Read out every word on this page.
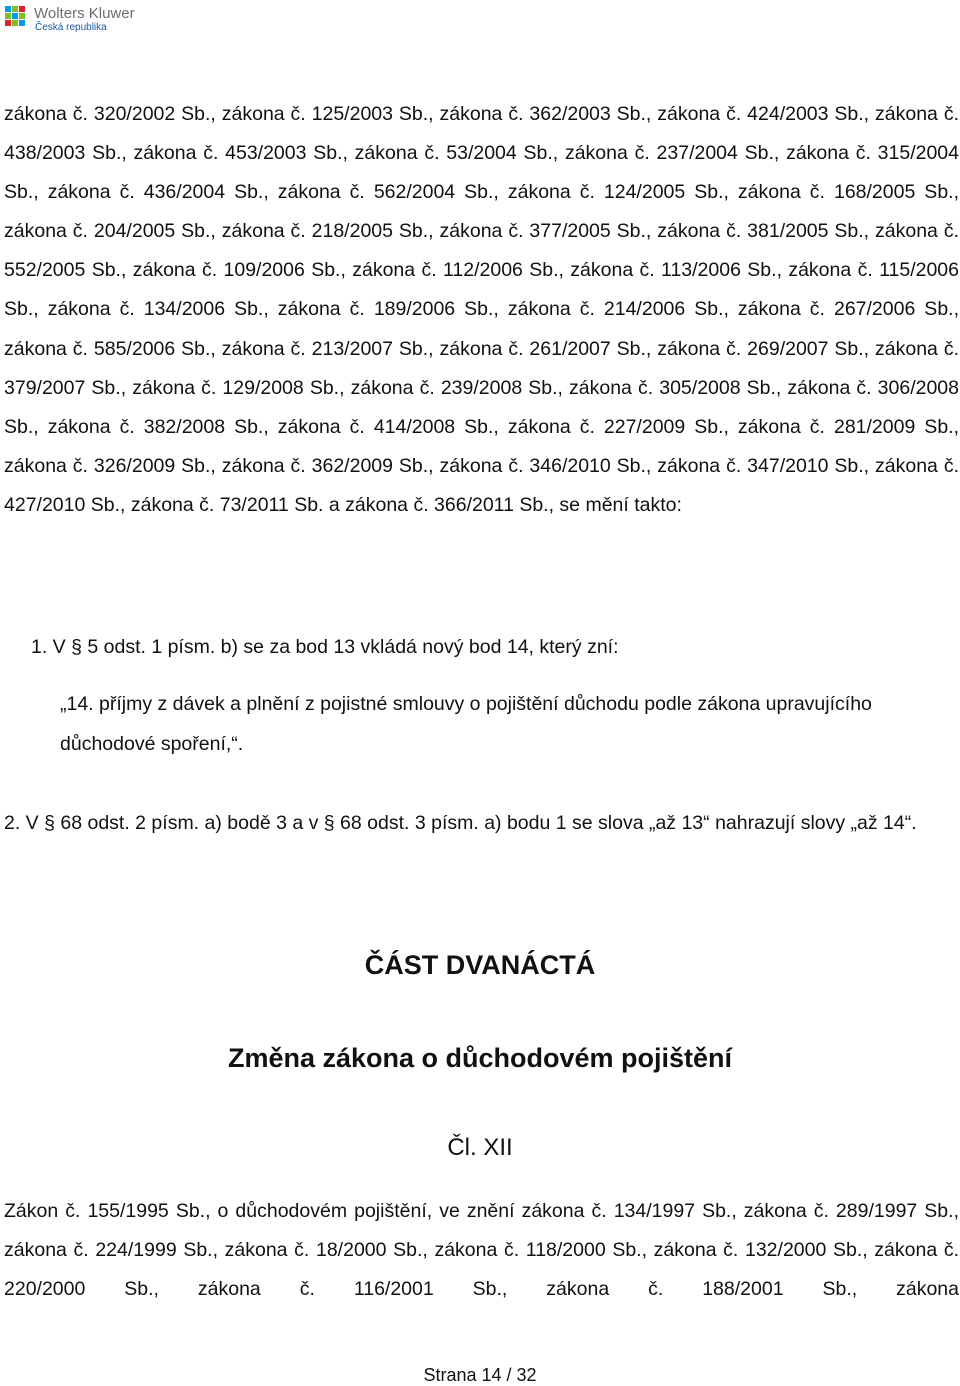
Wolters Kluwer
Česká republika

zákona č. 320/2002 Sb., zákona č. 125/2003 Sb., zákona č. 362/2003 Sb., zákona č. 424/2003 Sb., zákona č. 438/2003 Sb., zákona č. 453/2003 Sb., zákona č. 53/2004 Sb., zákona č. 237/2004 Sb., zákona č. 315/2004 Sb., zákona č. 436/2004 Sb., zákona č. 562/2004 Sb., zákona č. 124/2005 Sb., zákona č. 168/2005 Sb., zákona č. 204/2005 Sb., zákona č. 218/2005 Sb., zákona č. 377/2005 Sb., zákona č. 381/2005 Sb., zákona č. 552/2005 Sb., zákona č. 109/2006 Sb., zákona č. 112/2006 Sb., zákona č. 113/2006 Sb., zákona č. 115/2006 Sb., zákona č. 134/2006 Sb., zákona č. 189/2006 Sb., zákona č. 214/2006 Sb., zákona č. 267/2006 Sb., zákona č. 585/2006 Sb., zákona č. 213/2007 Sb., zákona č. 261/2007 Sb., zákona č. 269/2007 Sb., zákona č. 379/2007 Sb., zákona č. 129/2008 Sb., zákona č. 239/2008 Sb., zákona č. 305/2008 Sb., zákona č. 306/2008 Sb., zákona č. 382/2008 Sb., zákona č. 414/2008 Sb., zákona č. 227/2009 Sb., zákona č. 281/2009 Sb., zákona č. 326/2009 Sb., zákona č. 362/2009 Sb., zákona č. 346/2010 Sb., zákona č. 347/2010 Sb., zákona č. 427/2010 Sb., zákona č. 73/2011 Sb. a zákona č. 366/2011 Sb., se mění takto:

1. V § 5 odst. 1 písm. b) se za bod 13 vkládá nový bod 14, který zní:

„14. příjmy z dávek a plnění z pojistné smlouvy o pojištění důchodu podle zákona upravujícího důchodové spoření,“.

2. V § 68 odst. 2 písm. a) bodě 3 a v § 68 odst. 3 písm. a) bodu 1 se slova „až 13“ nahrazují slovy „až 14“.

ČÁST DVANÁCTÁ
Změna zákona o důchodovém pojištění

Čl. XII

Zákon č. 155/1995 Sb., o důchodovém pojištění, ve znění zákona č. 134/1997 Sb., zákona č. 289/1997 Sb., zákona č. 224/1999 Sb., zákona č. 18/2000 Sb., zákona č. 118/2000 Sb., zákona č. 132/2000 Sb., zákona č. 220/2000 Sb., zákona č. 116/2001 Sb., zákona č. 188/2001 Sb., zákona

Strana 14 / 32
